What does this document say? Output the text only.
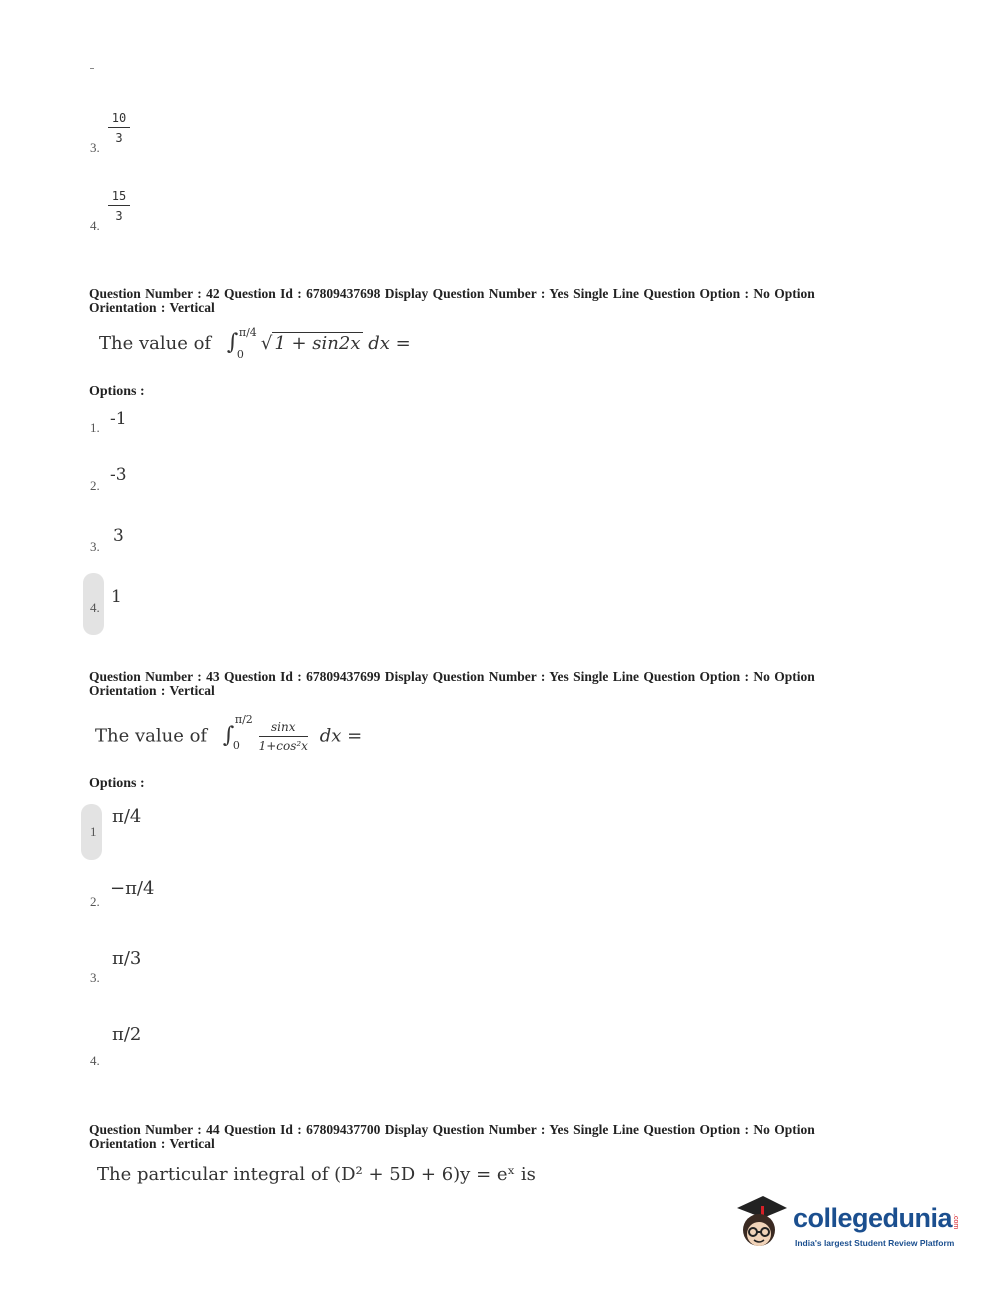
3.
10
3
4.
15
3
Question Number : 42 Question Id : 67809437698 Display Question Number : Yes Single Line Question Option : No Option
Orientation : Vertical
The value of ∫ π/4
0
√ 1 + sin2x dx =
Options :
1. -1
2.
-3
3.
3
4.
1
Question Number : 43 Question Id : 67809437699 Display Question Number : Yes Single Line Question Option : No Option
Orientation : Vertical
The value of ∫
π/2
0
$\frac{\sin x}{\text{1+cos²x}}$ dx =
Options :
1
π/4
2.
−π/4
3.
π/3
4.
π/2
Question Number : 44 Question Id : 67809437700 Display Question Number : Yes Single Line Question Option : No Option
Orientation : Vertical
The particular integral of (D² + 5D + 6)y = eˣ is
collegedunia .com
India's largest Student Review Platform
